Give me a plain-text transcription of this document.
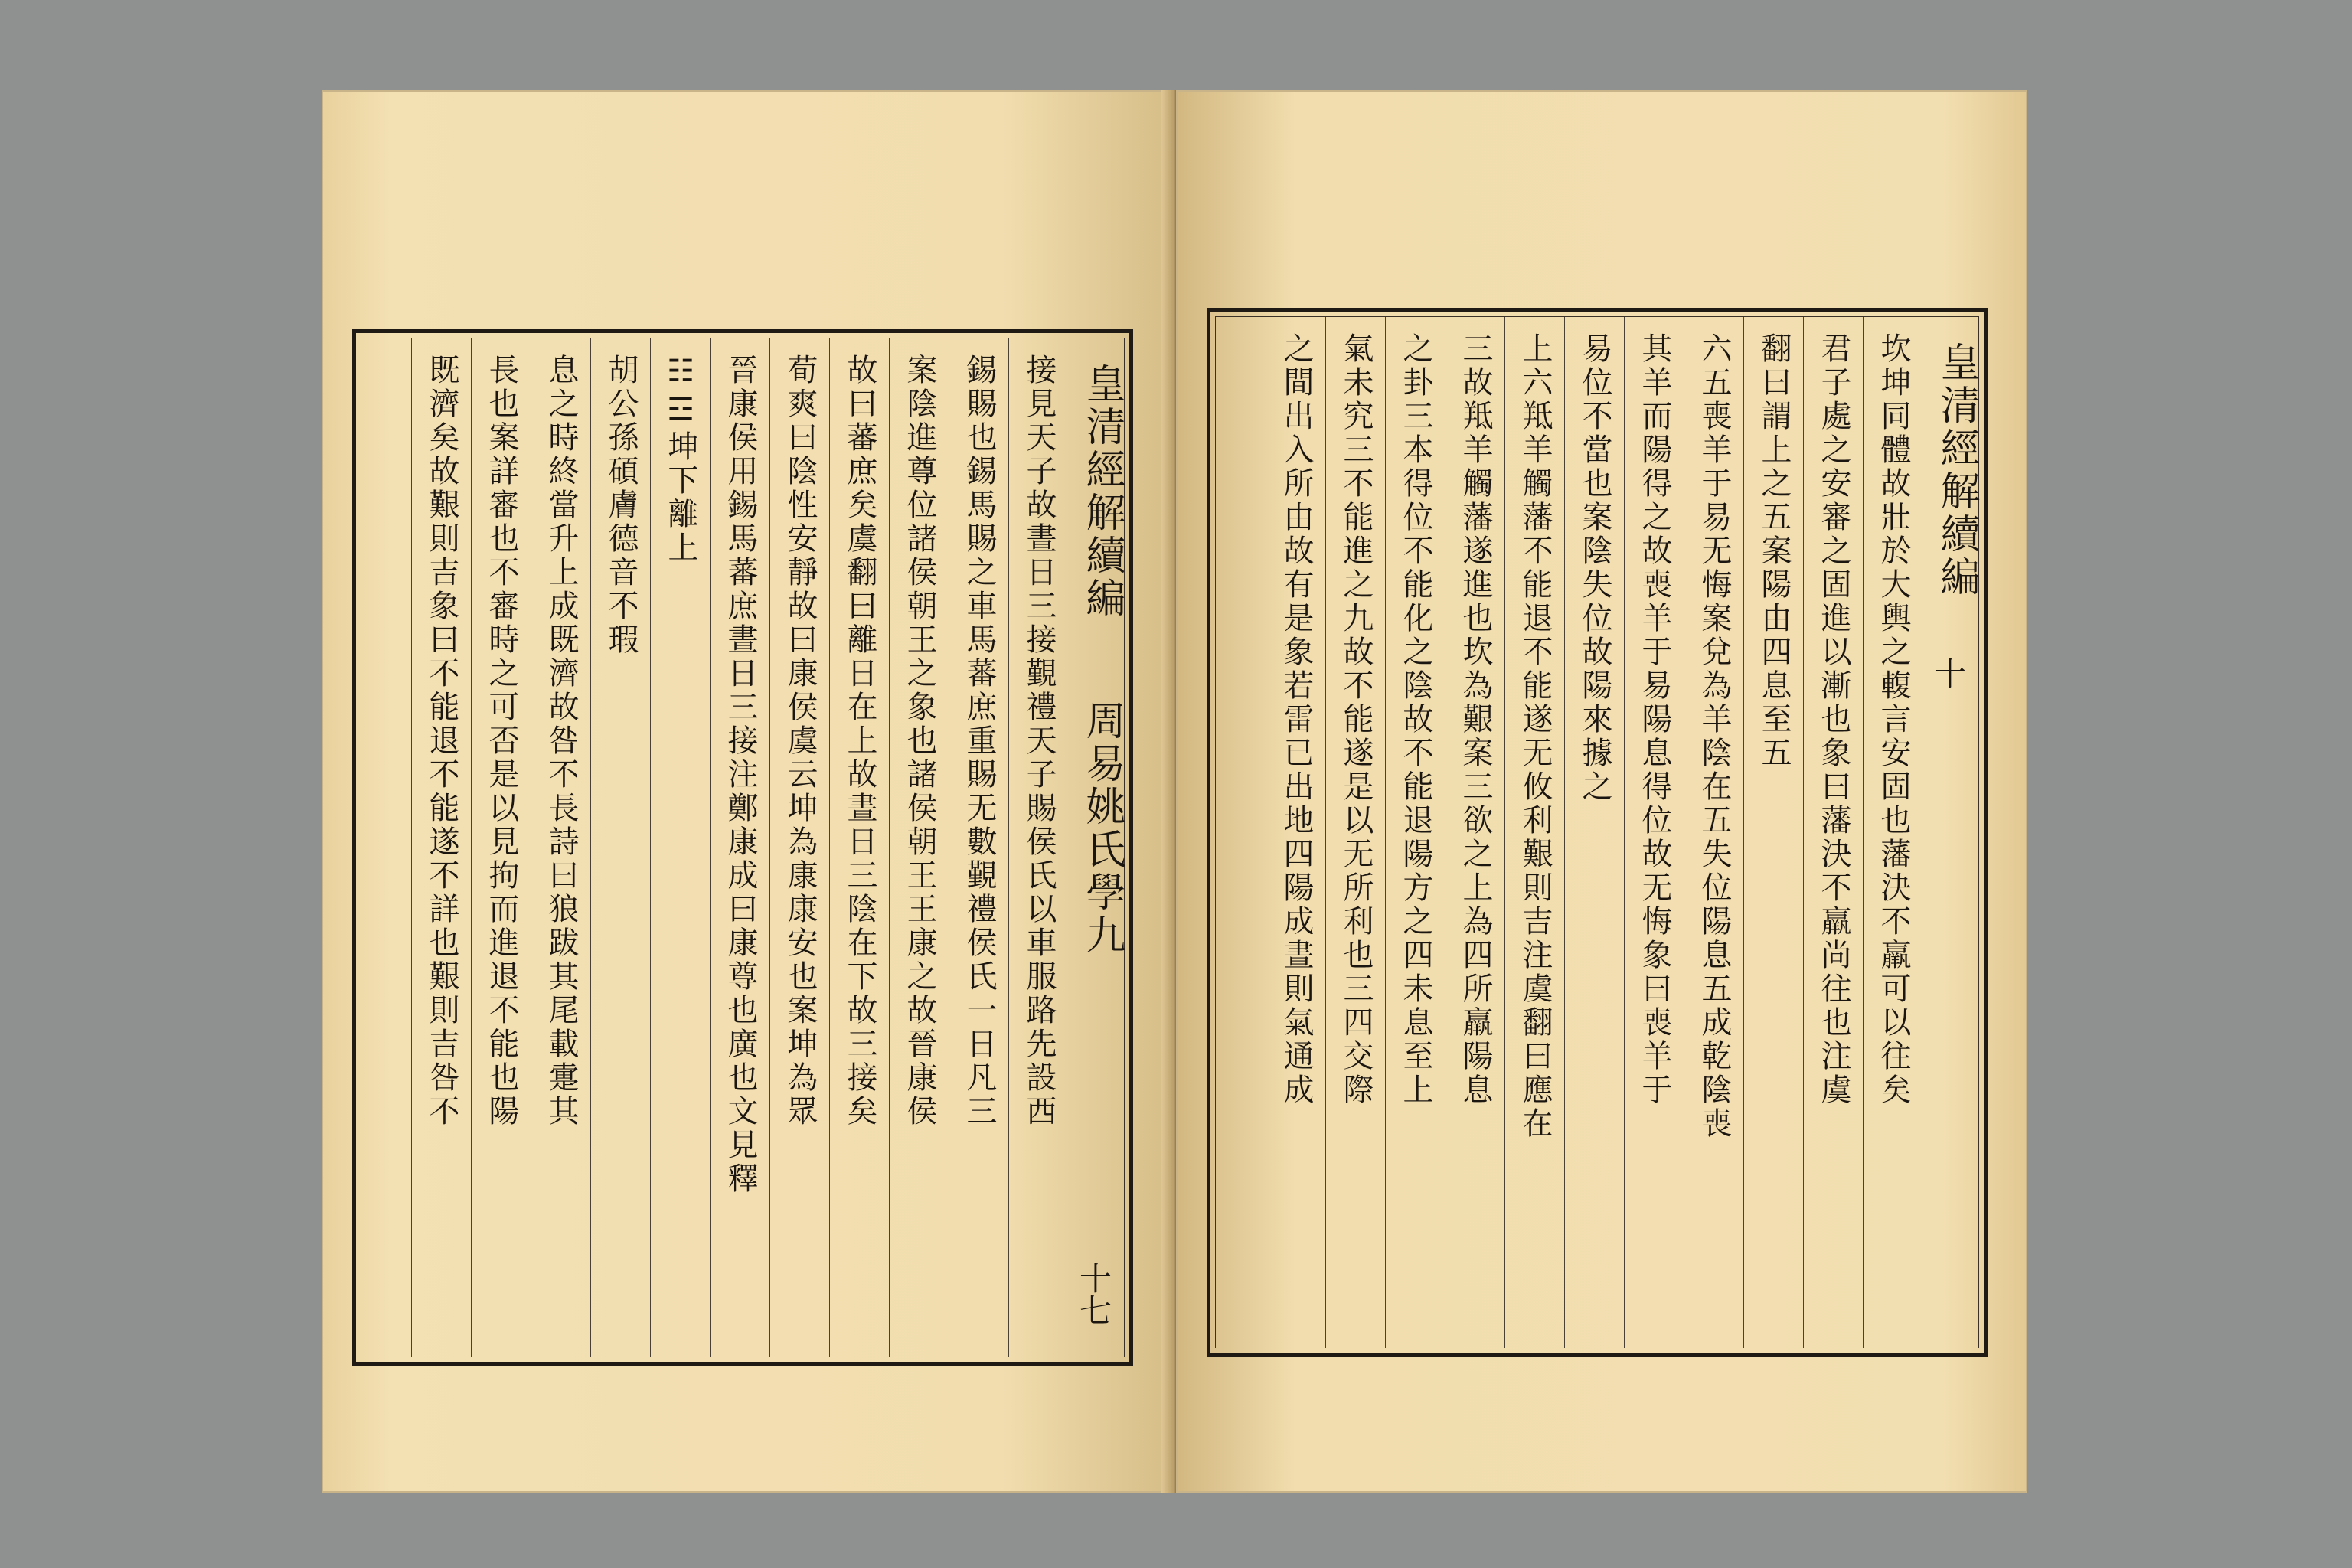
皇清經解續編
周易姚氏學九
接見天子故晝日三接覲禮天子賜侯氏以車服路先設西
錫賜也錫馬賜之車馬蕃庶重賜无數覲禮侯氏一日凡三
案陰進尊位諸侯朝王之象也諸侯朝王王康之故晉康侯
故曰蕃庶矣虞翻曰離日在上故晝日三陰在下故三接矣
荀爽曰陰性安靜故曰康侯虞云坤為康康安也案坤為眾
晉康侯用錫馬蕃庶晝日三接注鄭康成曰康尊也廣也文見釋
☷☲坤下離上
胡公孫碩膚德音不瑕
息之時終當升上成既濟故咎不長詩曰狼跋其尾載疐其
長也案詳審也不審時之可否是以見拘而進退不能也陽
既濟矣故艱則吉象曰不能退不能遂不詳也艱則吉咎不
十七
皇清經解續編
坎坤同體故壯於大輿之輹言安固也藩決不羸可以往矣
君子處之安審之固進以漸也象曰藩決不羸尚往也注虞
翻曰謂上之五案陽由四息至五
六五喪羊于易无悔案兌為羊陰在五失位陽息五成乾陰喪
其羊而陽得之故喪羊于易陽息得位故无悔象曰喪羊于
易位不當也案陰失位故陽來據之
上六羝羊觸藩不能退不能遂无攸利艱則吉注虞翻曰應在
三故羝羊觸藩遂進也坎為艱案三欲之上為四所羸陽息
之卦三本得位不能化之陰故不能退陽方之四未息至上
氣未究三不能進之九故不能遂是以无所利也三四交際
之間出入所由故有是象若雷已出地四陽成晝則氣通成	十
